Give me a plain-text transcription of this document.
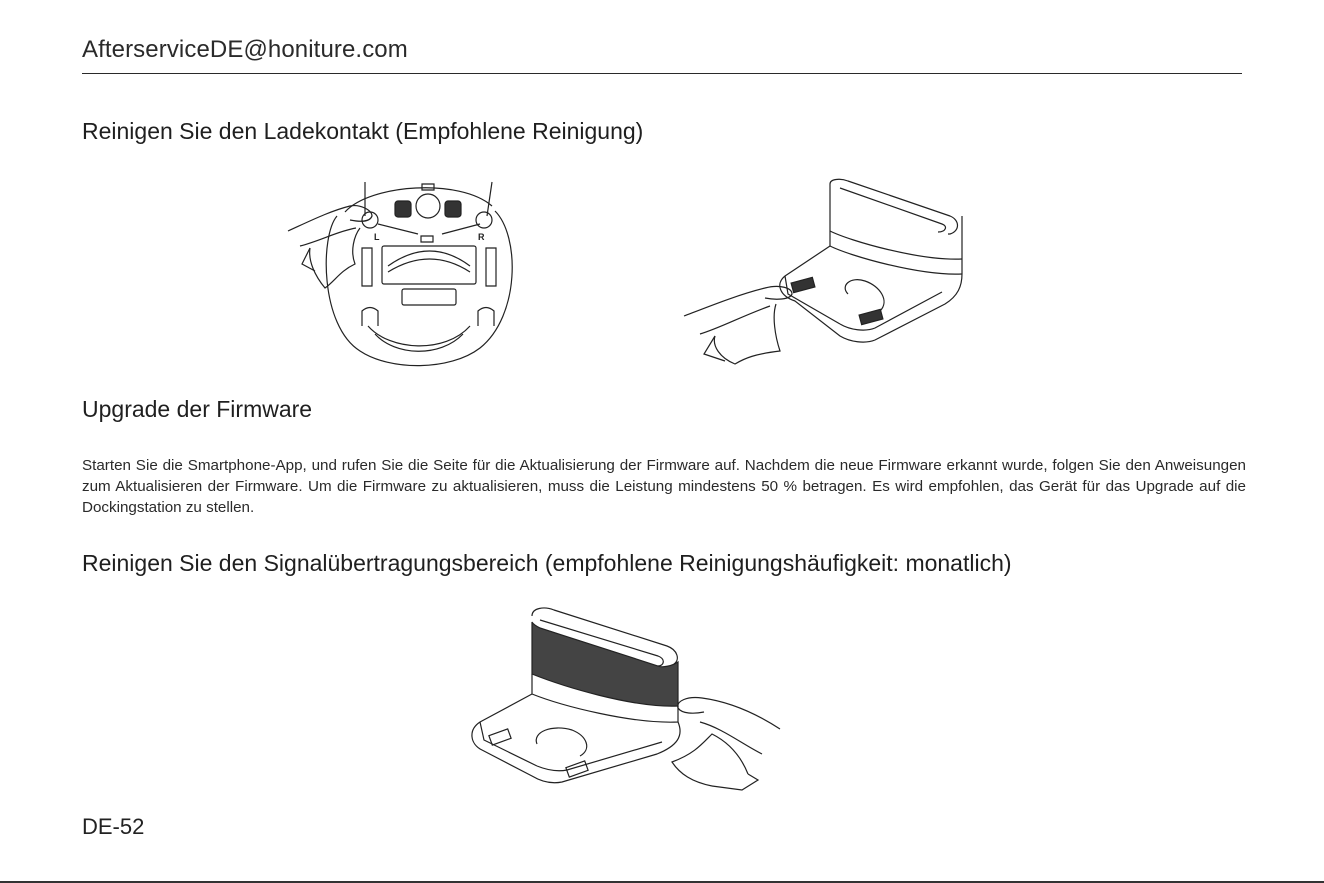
AfterserviceDE@honiture.com
Reinigen Sie den Ladekontakt (Empfohlene Reinigung)
L	R
Upgrade der Firmware
Starten Sie die Smartphone-App, und rufen Sie die Seite für die Aktualisierung der Firmware auf. Nachdem die neue Firmware erkannt wurde, folgen Sie den Anweisungen zum Aktualisieren der Firmware. Um die Firmware zu aktualisieren, muss die Leistung mindestens 50 % betragen. Es wird empfohlen, das Gerät für das Upgrade auf die Dockingstation zu stellen.
Reinigen Sie den Signalübertragungsbereich (empfohlene Reinigungshäufigkeit: monatlich)
DE-52
